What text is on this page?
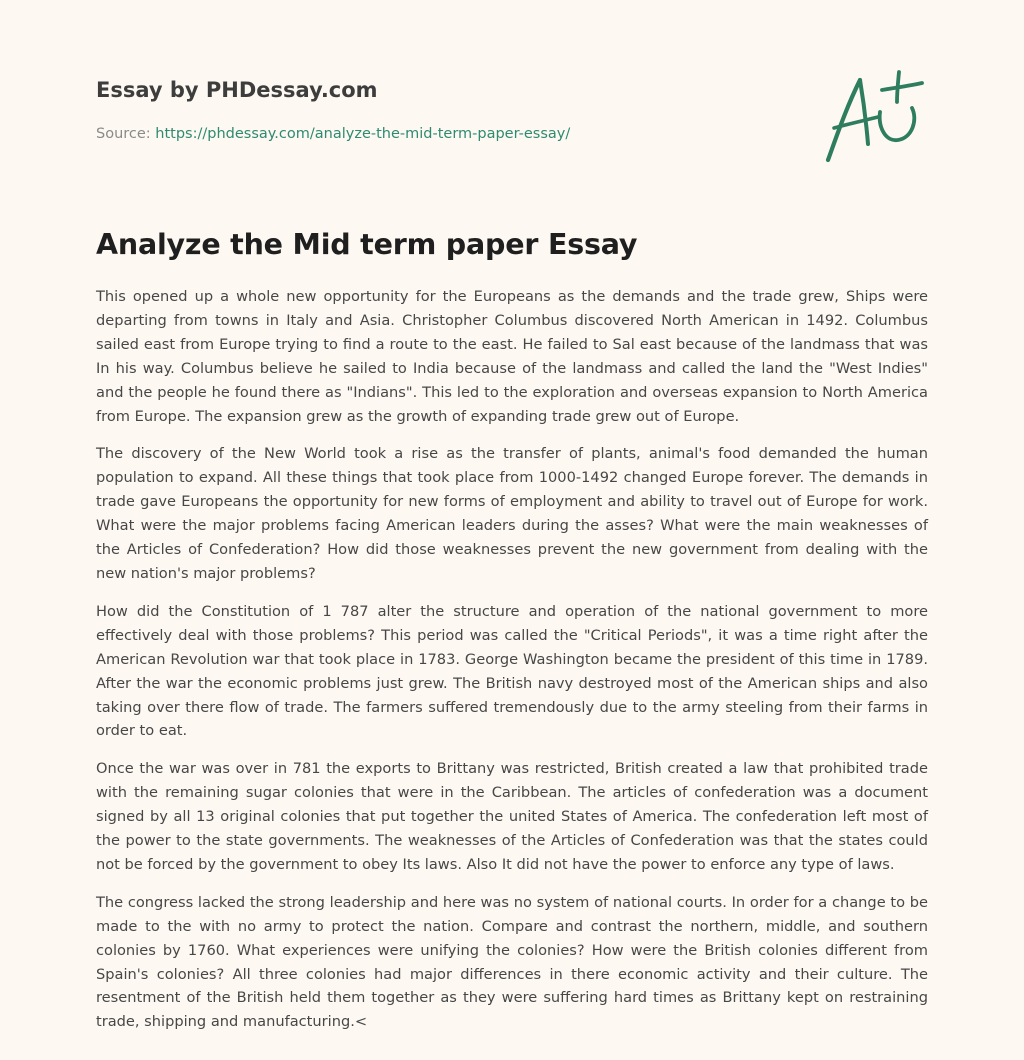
Essay by PHDessay.com
Source: https://phdessay.com/analyze-the-mid-term-paper-essay/
Analyze the Mid term paper Essay

This opened up a whole new opportunity for the Europeans as the demands and the trade grew, Ships were departing from towns in Italy and Asia. Christopher Columbus discovered North American in 1492. Columbus sailed east from Europe trying to find a route to the east. He failed to Sal east because of the landmass that was In his way. Columbus believe he sailed to India because of the landmass and called the land the "West Indies" and the people he found there as "Indians". This led to the exploration and overseas expansion to North America from Europe. The expansion grew as the growth of expanding trade grew out of Europe.

The discovery of the New World took a rise as the transfer of plants, animal's food demanded the human population to expand. All these things that took place from 1000-1492 changed Europe forever. The demands in trade gave Europeans the opportunity for new forms of employment and ability to travel out of Europe for work. What were the major problems facing American leaders during the asses? What were the main weaknesses of the Articles of Confederation? How did those weaknesses prevent the new government from dealing with the new nation's major problems?

How did the Constitution of 1 787 alter the structure and operation of the national government to more effectively deal with those problems? This period was called the "Critical Periods", it was a time right after the American Revolution war that took place in 1783. George Washington became the president of this time in 1789. After the war the economic problems just grew. The British navy destroyed most of the American ships and also taking over there flow of trade. The farmers suffered tremendously due to the army steeling from their farms in order to eat.

Once the war was over in 781 the exports to Brittany was restricted, British created a law that prohibited trade with the remaining sugar colonies that were in the Caribbean. The articles of confederation was a document signed by all 13 original colonies that put together the united States of America. The confederation left most of the power to the state governments. The weaknesses of the Articles of Confederation was that the states could not be forced by the government to obey Its laws. Also It did not have the power to enforce any type of laws.

The congress lacked the strong leadership and here was no system of national courts. In order for a change to be made to the with no army to protect the nation. Compare and contrast the northern, middle, and southern colonies by 1760. What experiences were unifying the colonies? How were the British colonies different from Spain's colonies? All three colonies had major differences in there economic activity and their culture. The resentment of the British held them together as they were suffering hard times as Brittany kept on restraining trade, shipping and manufacturing.<
